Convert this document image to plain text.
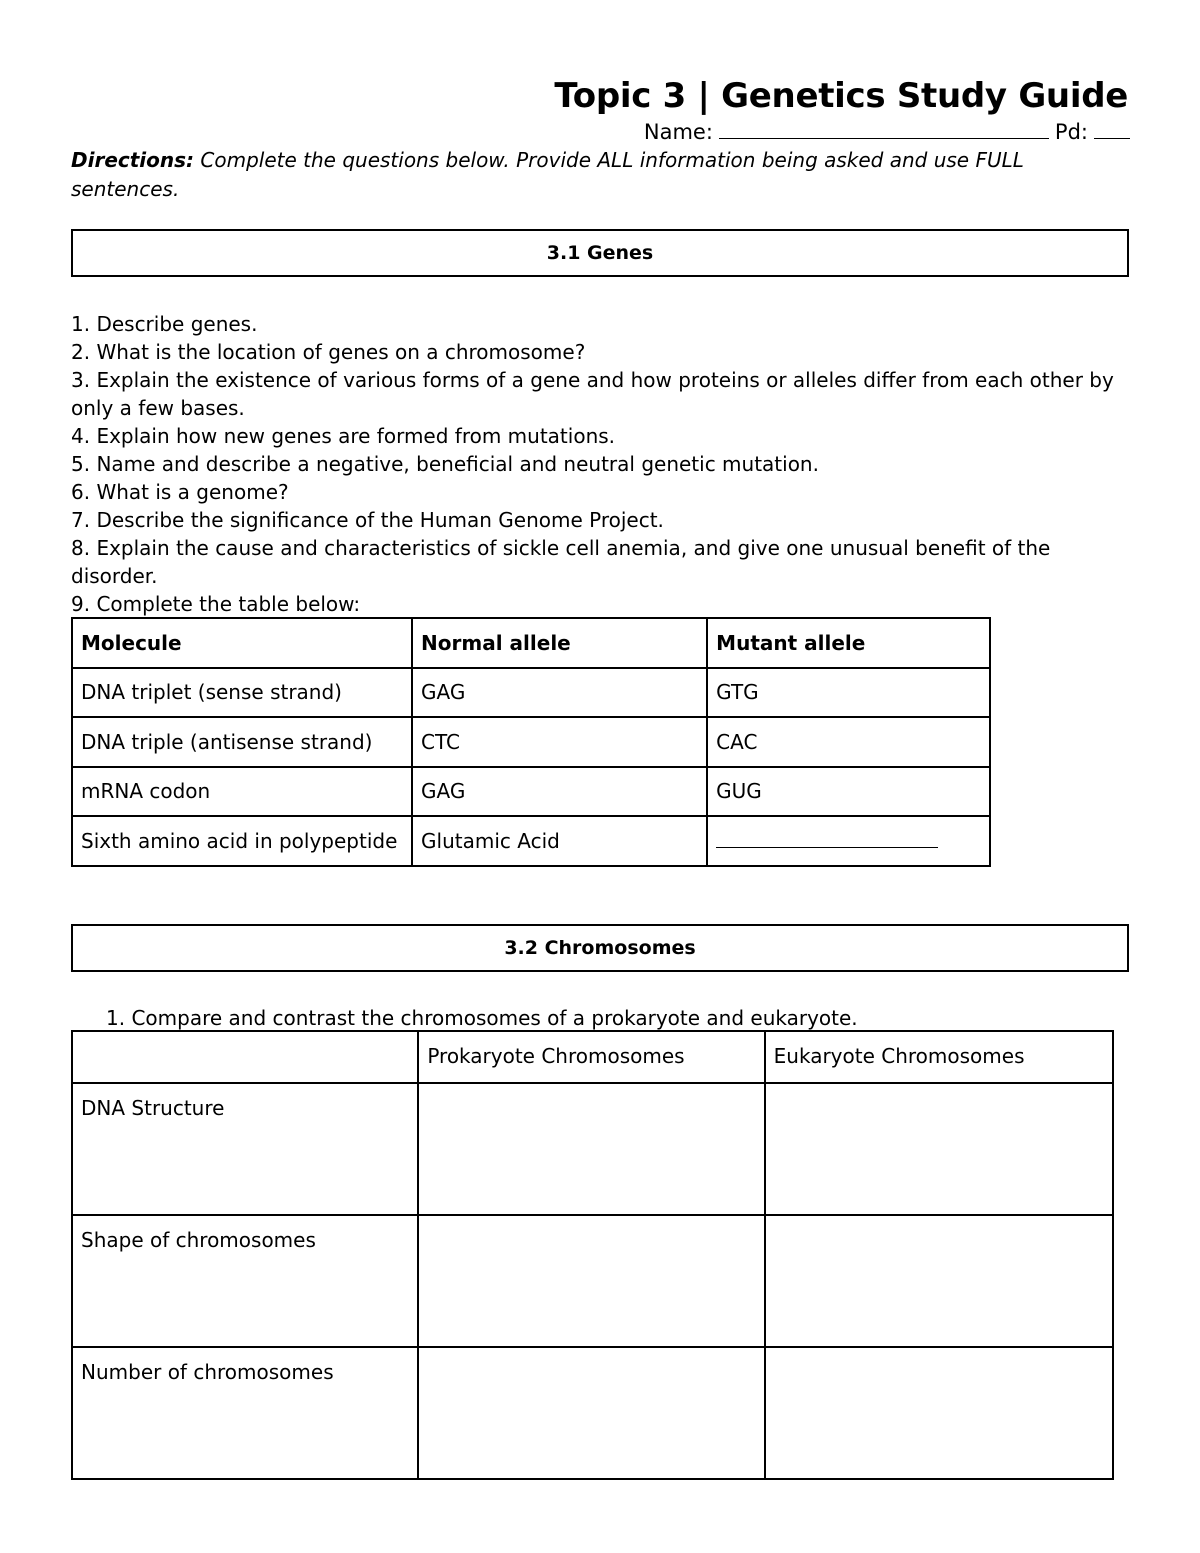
Topic 3 | Genetics Study Guide
Name:	Pd:
Directions: Complete the questions below. Provide ALL information being asked and use FULL sentences.
3.1 Genes
1. Describe genes.
2. What is the location of genes on a chromosome?
3. Explain the existence of various forms of a gene and how proteins or alleles differ from each other by only a few bases.
4. Explain how new genes are formed from mutations.
5. Name and describe a negative, beneficial and neutral genetic mutation.
6. What is a genome?
7. Describe the significance of the Human Genome Project.
8. Explain the cause and characteristics of sickle cell anemia, and give one unusual benefit of the disorder.
9. Complete the table below:
Molecule	Normal allele	Mutant allele
DNA triplet (sense strand)	GAG	GTG
DNA triple (antisense strand)	CTC	CAC
mRNA codon	GAG	GUG
Sixth amino acid in polypeptide	Glutamic Acid	
3.2 Chromosomes
1. Compare and contrast the chromosomes of a prokaryote and eukaryote.
	Prokaryote Chromosomes	Eukaryote Chromosomes
DNA Structure		
Shape of chromosomes		
Number of chromosomes		
